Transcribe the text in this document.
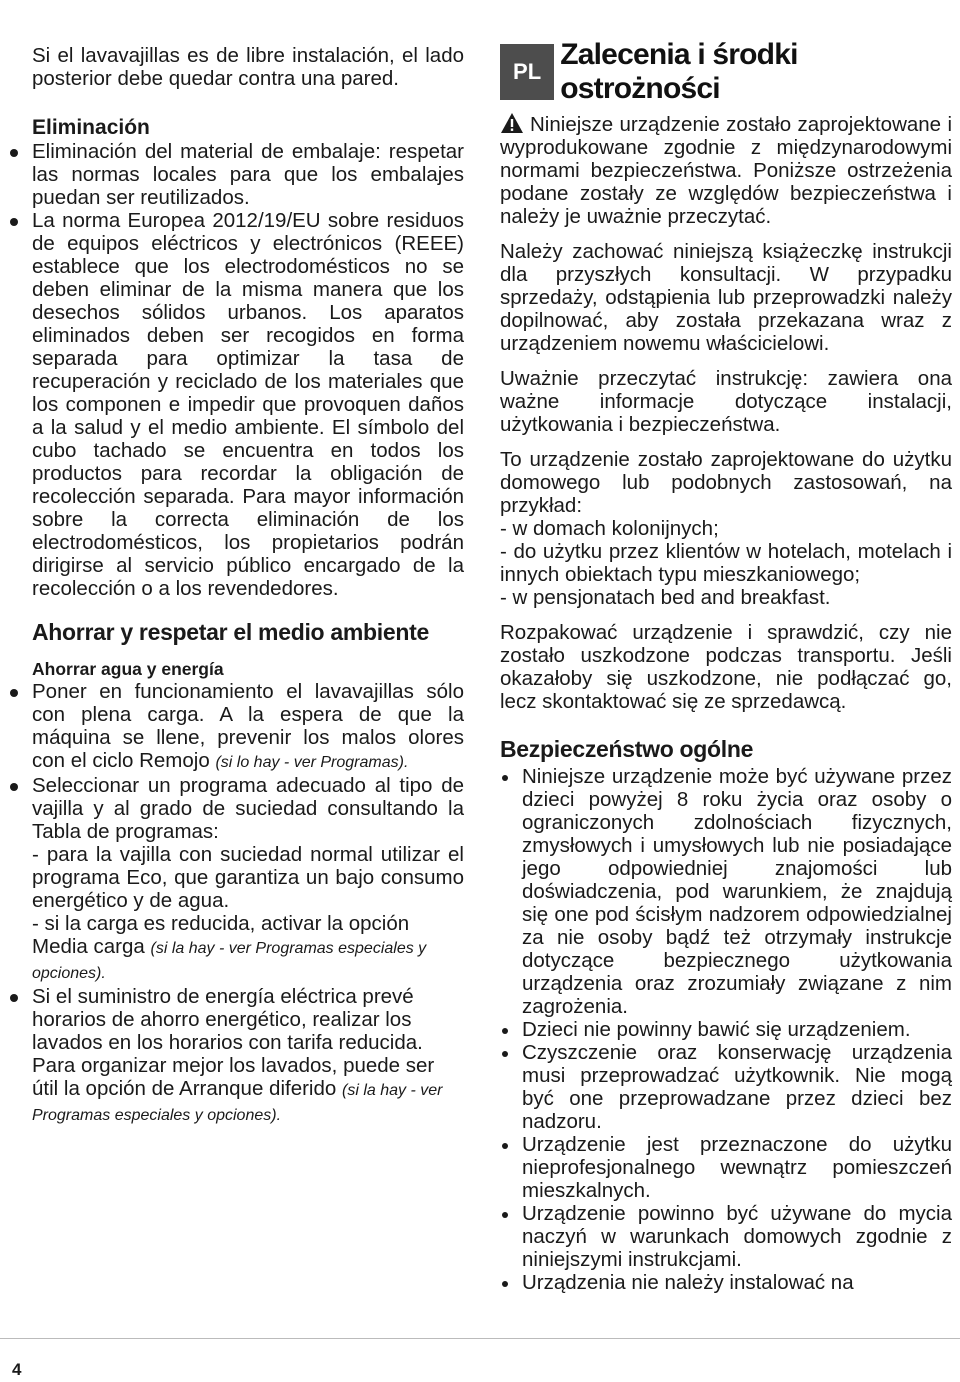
Si el lavavajillas es de libre instalación, el lado posterior debe quedar contra una pared.

Eliminación

Eliminación del material de embalaje: respetar las normas locales para que los embalajes puedan ser reutilizados.

La norma Europea 2012/19/EU sobre residuos de equipos eléctricos y electrónicos (REEE) establece que los electrodomésticos no se deben eliminar de la misma manera que los desechos sólidos urbanos. Los aparatos eliminados deben ser recogidos en forma separada para optimizar la tasa de recuperación y reciclado de los materiales que los componen e impedir que provoquen daños a la salud y el medio ambiente. El símbolo del cubo tachado se encuentra en todos los productos para recordar la obligación de recolección separada. Para mayor información sobre la correcta eliminación de los electrodomésticos, los propietarios podrán dirigirse al servicio público encargado de la recolección o a los revendedores.

Ahorrar y respetar el medio ambiente
Ahorrar agua y energía

Poner en funcionamiento el lavavajillas sólo con plena carga. A la espera de que la máquina se llene, prevenir los malos olores con el ciclo Remojo (si lo hay - ver Programas).

Seleccionar un programa adecuado al tipo de vajilla y al grado de suciedad consultando la Tabla de programas:

- para la vajilla con suciedad normal utilizar el programa Eco, que garantiza un bajo consumo energético y de agua.

- si la carga es reducida, activar la opción Media carga (si la hay - ver Programas especiales y opciones).

Si el suministro de energía eléctrica prevé horarios de ahorro energético, realizar los lavados en los horarios con tarifa reducida. Para organizar mejor los lavados, puede ser útil la opción de Arranque diferido (si la hay - ver Programas especiales y opciones).

PL
Zalecenia i środki ostrożności

Niniejsze urządzenie zostało zaprojektowane i wyprodukowane zgodnie z międzynarodowymi normami bezpieczeństwa. Poniższe ostrzeżenia podane zostały ze względów bezpieczeństwa i należy je uważnie przeczytać.

Należy zachować niniejszą książeczkę instrukcji dla przyszłych konsultacji. W przypadku sprzedaży, odstąpienia lub przeprowadzki należy dopilnować, aby została przekazana wraz z urządzeniem nowemu właścicielowi.

Uważnie przeczytać instrukcję: zawiera ona ważne informacje dotyczące instalacji, użytkowania i bezpieczeństwa.

To urządzenie zostało zaprojektowane do użytku domowego lub podobnych zastosowań, na przykład:

- w domach kolonijnych;

- do użytku przez klientów w hotelach, motelach i innych obiektach typu mieszkaniowego;

- w pensjonatach bed and breakfast.

Rozpakować urządzenie i sprawdzić, czy nie zostało uszkodzone podczas transportu. Jeśli okazałoby się uszkodzone, nie podłączać go, lecz skontaktować się ze sprzedawcą.

Bezpieczeństwo ogólne

Niniejsze urządzenie może być używane przez dzieci powyżej 8 roku życia oraz osoby o ograniczonych zdolnościach fizycznych, zmysłowych i umysłowych lub nie posiadające jego odpowiedniej znajomości lub doświadczenia, pod warunkiem, że znajdują się one pod ścisłym nadzorem odpowiedzialnej za nie osoby bądź też otrzymały instrukcje dotyczące bezpiecznego użytkowania urządzenia oraz zrozumiały związane z nim zagrożenia.

Dzieci nie powinny bawić się urządzeniem.

Czyszczenie oraz konserwację urządzenia musi przeprowadzać użytkownik. Nie mogą być one przeprowadzane przez dzieci bez nadzoru.

Urządzenie jest przeznaczone do użytku nieprofesjonalnego wewnątrz pomieszczeń mieszkalnych.

Urządzenie powinno być używane do mycia naczyń w warunkach domowych zgodnie z niniejszymi instrukcjami.

Urządzenia nie należy instalować na

4
